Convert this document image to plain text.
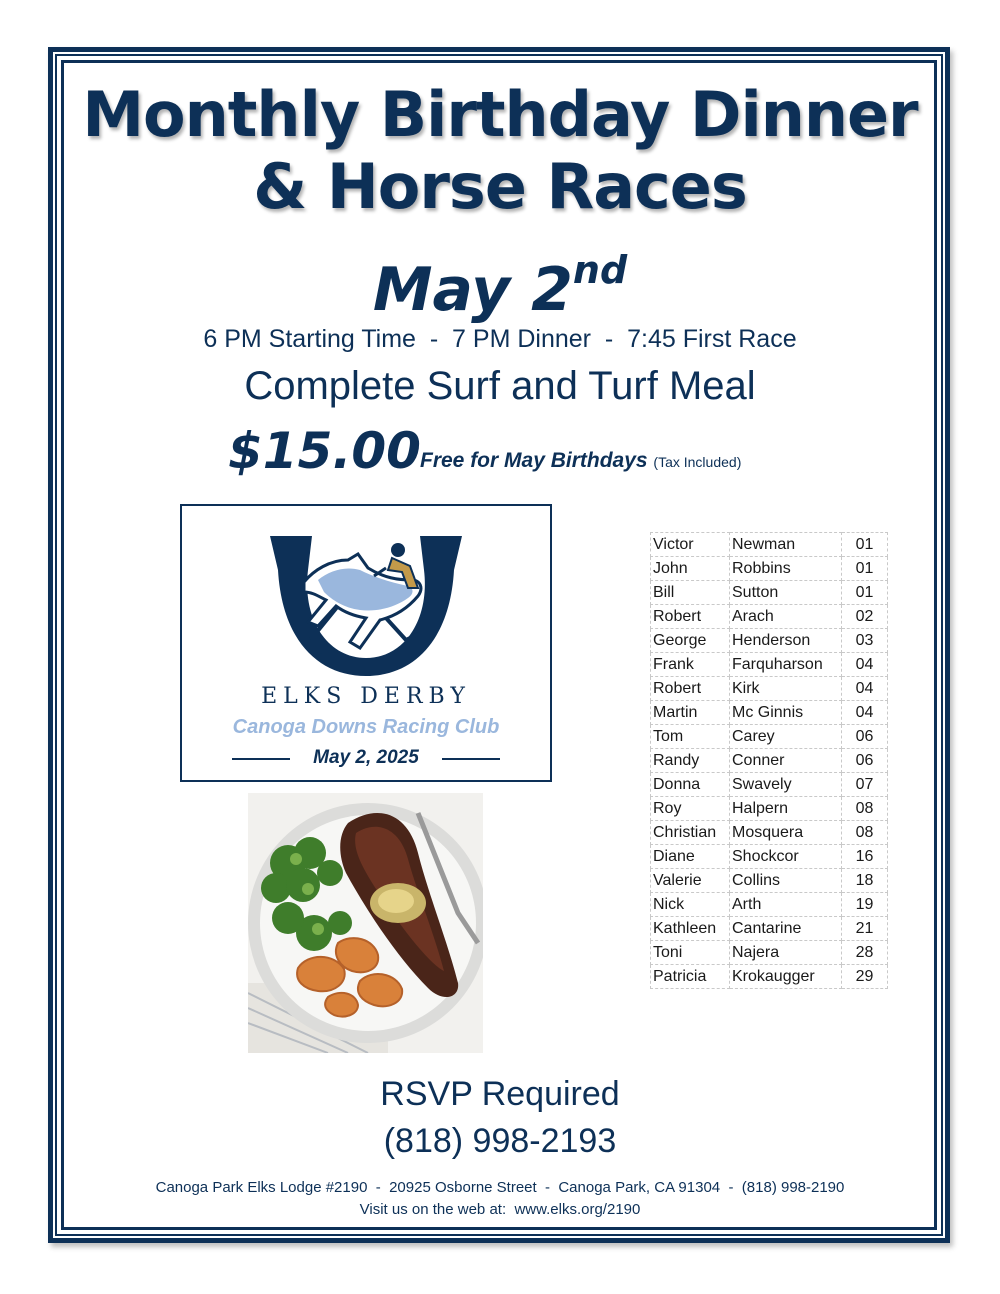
Monthly Birthday Dinner
& Horse Races
May 2nd
6 PM Starting Time  -  7 PM Dinner  -  7:45 First Race
Complete Surf and Turf Meal
$15.00 Free for May Birthdays (Tax Included)
ELKS DERBY
Canoga Downs Racing Club
May 2, 2025
Victor	Newman	01
John	Robbins	01
Bill	Sutton	01
Robert	Arach	02
George	Henderson	03
Frank	Farquharson	04
Robert	Kirk	04
Martin	Mc Ginnis	04
Tom	Carey	06
Randy	Conner	06
Donna	Swavely	07
Roy	Halpern	08
Christian	Mosquera	08
Diane	Shockcor	16
Valerie	Collins	18
Nick	Arth	19
Kathleen	Cantarine	21
Toni	Najera	28
Patricia	Krokaugger	29
RSVP Required
(818) 998-2193
Canoga Park Elks Lodge #2190  -  20925 Osborne Street  -  Canoga Park, CA 91304  -  (818) 998-2190
Visit us on the web at:  www.elks.org/2190
